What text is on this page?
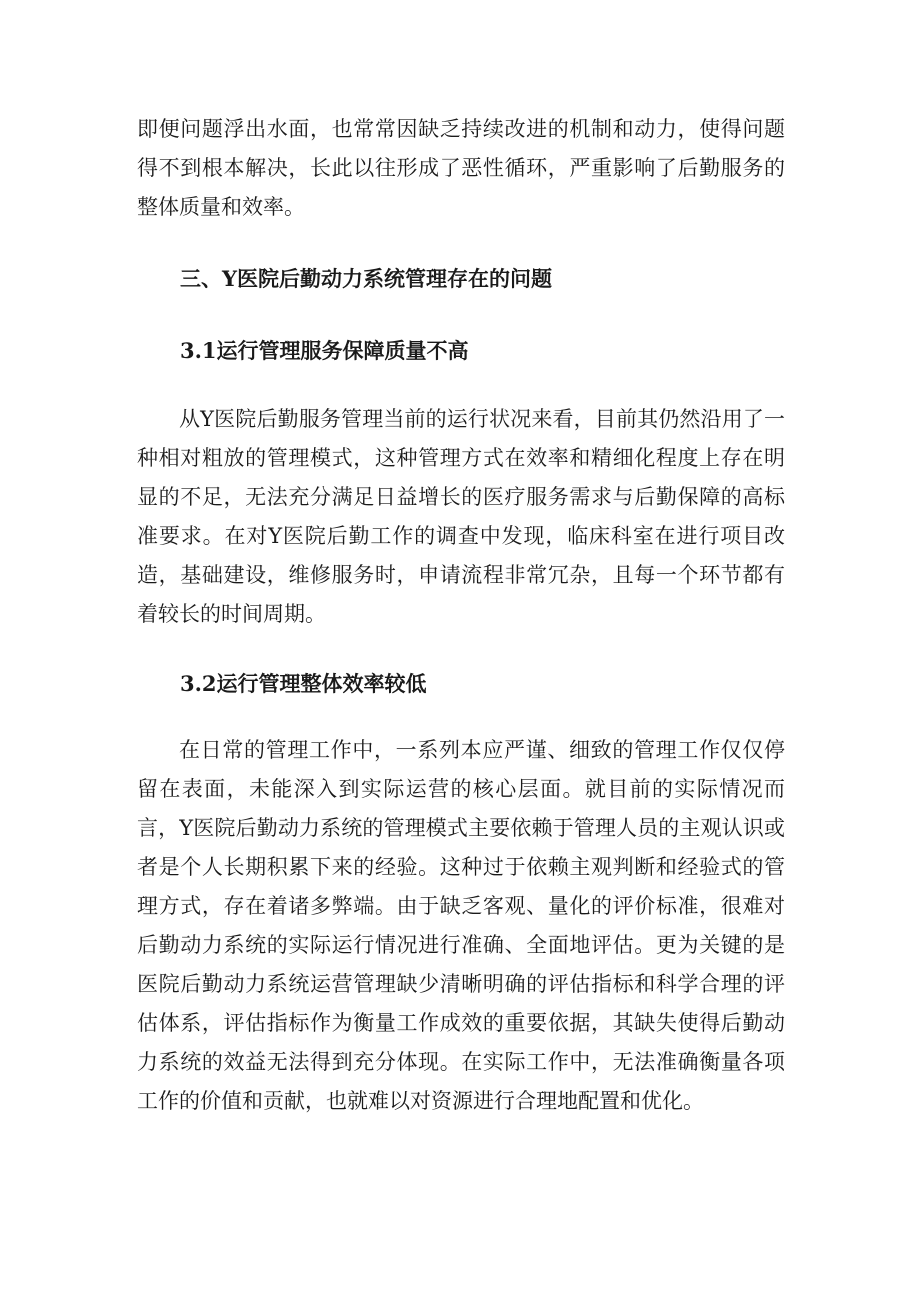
即便问题浮出水面，也常常因缺乏持续改进的机制和动力，使得问题得不到根本解决，长此以往形成了恶性循环，严重影响了后勤服务的整体质量和效率。

三、Y医院后勤动力系统管理存在的问题

3.1运行管理服务保障质量不高

从Y医院后勤服务管理当前的运行状况来看，目前其仍然沿用了一种相对粗放的管理模式，这种管理方式在效率和精细化程度上存在明显的不足，无法充分满足日益增长的医疗服务需求与后勤保障的高标准要求。在对Y医院后勤工作的调查中发现，临床科室在进行项目改造，基础建设，维修服务时，申请流程非常冗杂，且每一个环节都有着较长的时间周期。

3.2运行管理整体效率较低

在日常的管理工作中，一系列本应严谨、细致的管理工作仅仅停留在表面，未能深入到实际运营的核心层面。就目前的实际情况而言，Y医院后勤动力系统的管理模式主要依赖于管理人员的主观认识或者是个人长期积累下来的经验。这种过于依赖主观判断和经验式的管理方式，存在着诸多弊端。由于缺乏客观、量化的评价标准，很难对后勤动力系统的实际运行情况进行准确、全面地评估。更为关键的是医院后勤动力系统运营管理缺少清晰明确的评估指标和科学合理的评估体系，评估指标作为衡量工作成效的重要依据，其缺失使得后勤动力系统的效益无法得到充分体现。在实际工作中，无法准确衡量各项工作的价值和贡献，也就难以对资源进行合理地配置和优化。
